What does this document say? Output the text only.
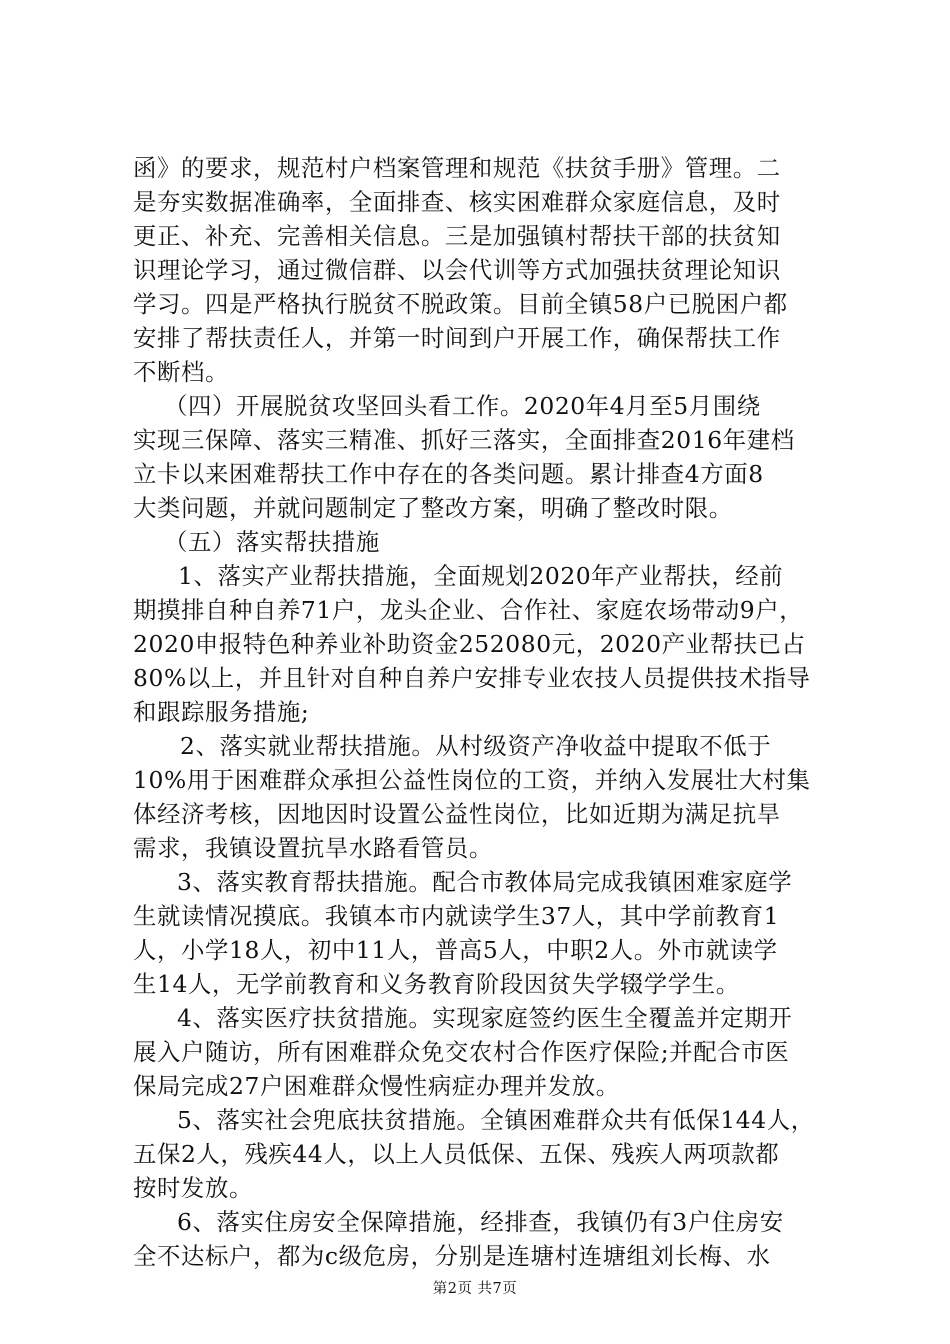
函》的要求，规范村户档案管理和规范《扶贫手册》管理。二
是夯实数据准确率，全面排查、核实困难群众家庭信息，及时
更正、补充、完善相关信息。三是加强镇村帮扶干部的扶贫知
识理论学习，通过微信群、以会代训等方式加强扶贫理论知识
学习。四是严格执行脱贫不脱政策。目前全镇58户已脱困户都
安排了帮扶责任人，并第一时间到户开展工作，确保帮扶工作
不断档。
（四）开展脱贫攻坚回头看工作。2020年4月至5月围绕
实现三保障、落实三精准、抓好三落实，全面排查2016年建档
立卡以来困难帮扶工作中存在的各类问题。累计排查4方面8
大类问题，并就问题制定了整改方案，明确了整改时限。
（五）落实帮扶措施
1、落实产业帮扶措施，全面规划2020年产业帮扶，经前
期摸排自种自养71户，龙头企业、合作社、家庭农场带动9户，
2020申报特色种养业补助资金252080元，2020产业帮扶已占
80%以上，并且针对自种自养户安排专业农技人员提供技术指导
和跟踪服务措施;
2、落实就业帮扶措施。从村级资产净收益中提取不低于
10%用于困难群众承担公益性岗位的工资，并纳入发展壮大村集
体经济考核，因地因时设置公益性岗位，比如近期为满足抗旱
需求，我镇设置抗旱水路看管员。
3、落实教育帮扶措施。配合市教体局完成我镇困难家庭学
生就读情况摸底。我镇本市内就读学生37人，其中学前教育1
人，小学18人，初中11人，普高5人，中职2人。外市就读学
生14人，无学前教育和义务教育阶段因贫失学辍学学生。
4、落实医疗扶贫措施。实现家庭签约医生全覆盖并定期开
展入户随访，所有困难群众免交农村合作医疗保险;并配合市医
保局完成27户困难群众慢性病症办理并发放。
5、落实社会兜底扶贫措施。全镇困难群众共有低保144人，
五保2人，残疾44人，以上人员低保、五保、残疾人两项款都
按时发放。
6、落实住房安全保障措施，经排查，我镇仍有3户住房安
全不达标户，都为c级危房，分别是连塘村连塘组刘长梅、水
第2页 共7页
